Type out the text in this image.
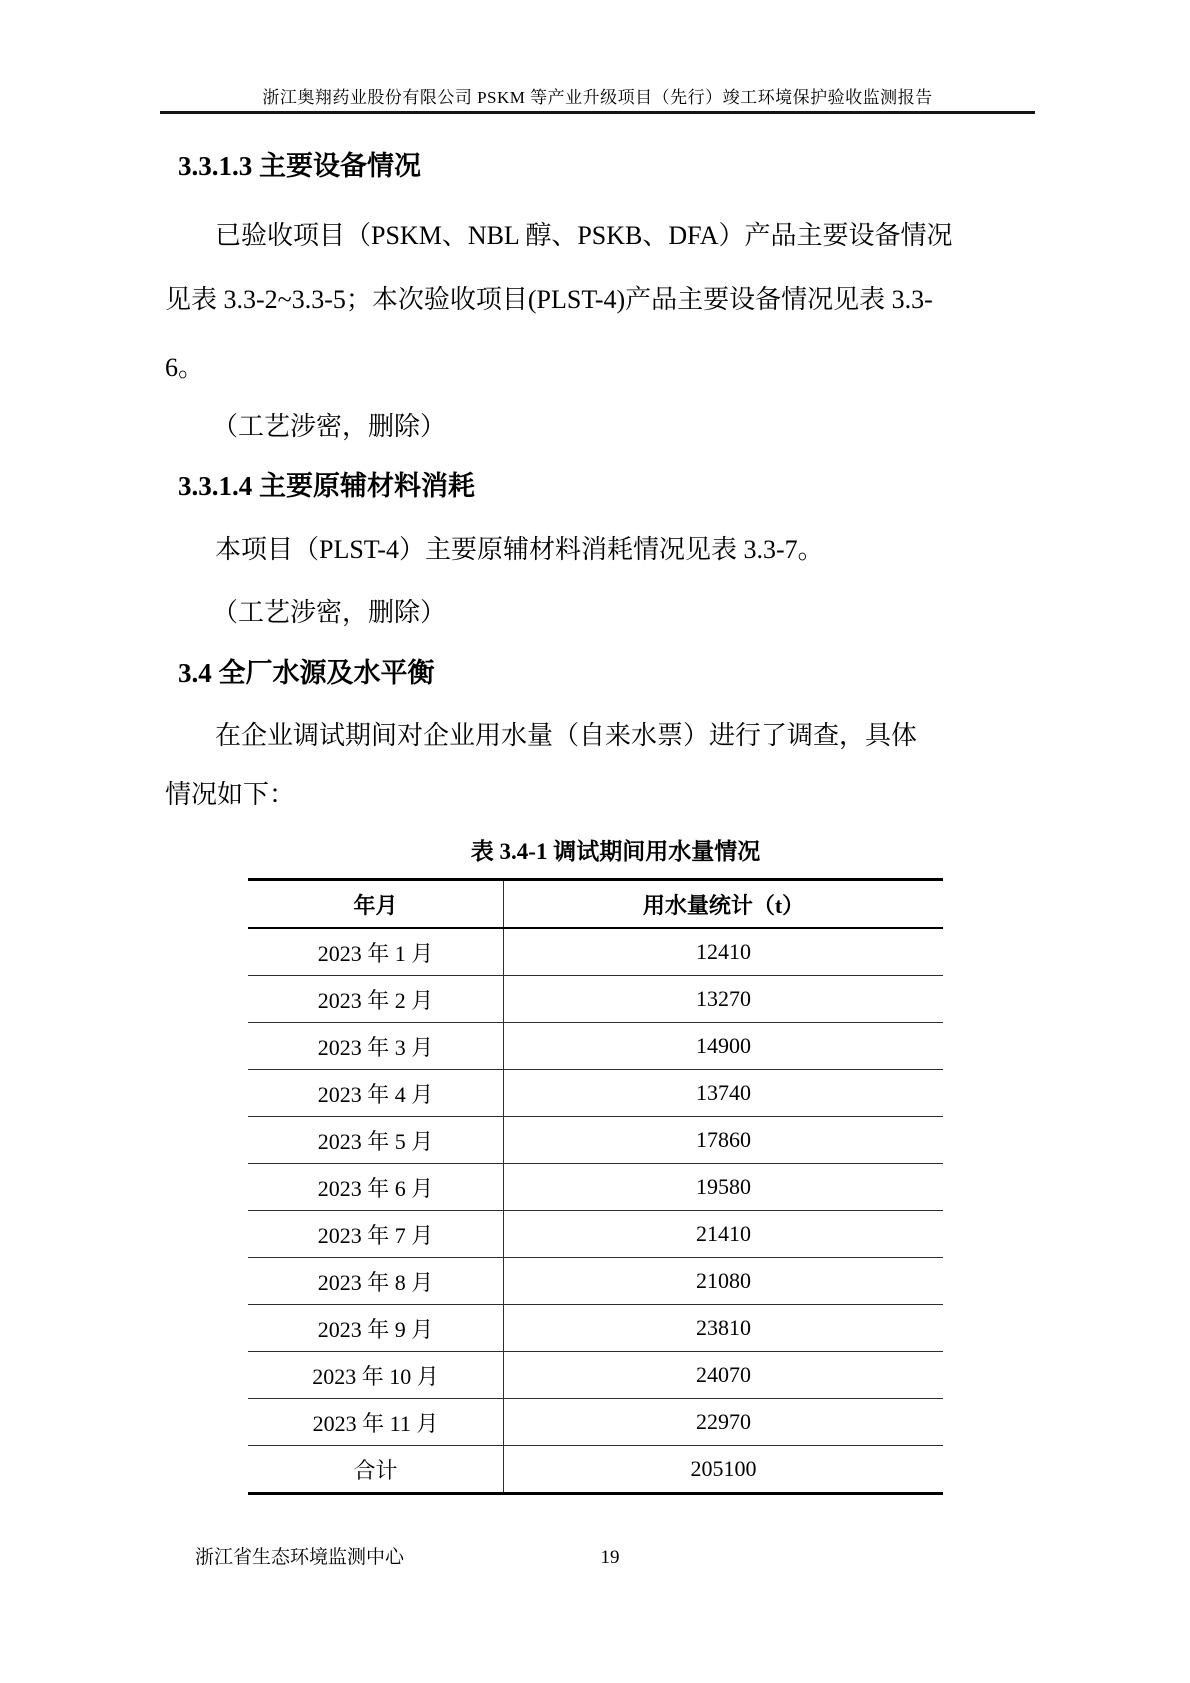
浙江奥翔药业股份有限公司 PSKM 等产业升级项目（先行）竣工环境保护验收监测报告
3.3.1.3 主要设备情况
已验收项目（PSKM、NBL 醇、PSKB、DFA）产品主要设备情况
见表 3.3-2~3.3-5；本次验收项目(PLST-4)产品主要设备情况见表 3.3-
6。
（工艺涉密，删除）
3.3.1.4 主要原辅材料消耗
本项目（PLST-4）主要原辅材料消耗情况见表 3.3-7。
（工艺涉密，删除）
3.4 全厂水源及水平衡
在企业调试期间对企业用水量（自来水票）进行了调查，具体
情况如下：
表 3.4-1 调试期间用水量情况
年月	用水量统计（t）
2023 年 1 月	12410
2023 年 2 月	13270
2023 年 3 月	14900
2023 年 4 月	13740
2023 年 5 月	17860
2023 年 6 月	19580
2023 年 7 月	21410
2023 年 8 月	21080
2023 年 9 月	23810
2023 年 10 月	24070
2023 年 11 月	22970
合计	205100
浙江省生态环境监测中心	19
